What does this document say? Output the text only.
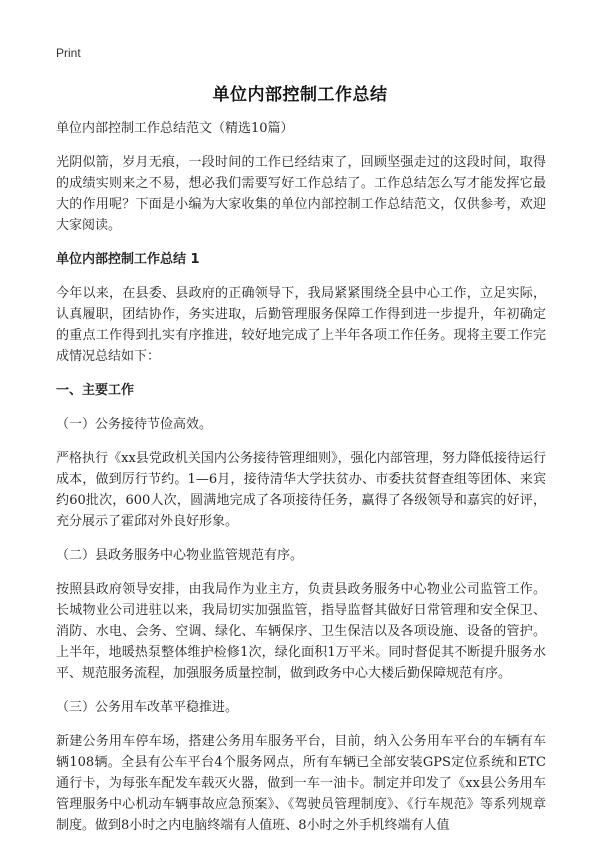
Print
单位内部控制工作总结

单位内部控制工作总结范文（精选10篇）

光阴似箭，岁月无痕，一段时间的工作已经结束了，回顾坚强走过的这段时间，取得的成绩实则来之不易，想必我们需要写好工作总结了。工作总结怎么写才能发挥它最大的作用呢？下面是小编为大家收集的单位内部控制工作总结范文，仅供参考，欢迎大家阅读。

单位内部控制工作总结 1

今年以来，在县委、县政府的正确领导下，我局紧紧围绕全县中心工作，立足实际，认真履职，团结协作，务实进取，后勤管理服务保障工作得到进一步提升，年初确定的重点工作得到扎实有序推进，较好地完成了上半年各项工作任务。现将主要工作完成情况总结如下：

一、主要工作

（一）公务接待节俭高效。

严格执行《xx县党政机关国内公务接待管理细则》，强化内部管理，努力降低接待运行成本，做到厉行节约。1—6月，接待清华大学扶贫办、市委扶贫督查组等团体、来宾约60批次，600人次，圆满地完成了各项接待任务，赢得了各级领导和嘉宾的好评，充分展示了霍邱对外良好形象。

（二）县政务服务中心物业监管规范有序。

按照县政府领导安排，由我局作为业主方，负责县政务服务中心物业公司监管工作。长城物业公司进驻以来，我局切实加强监管，指导监督其做好日常管理和安全保卫、消防、水电、会务、空调、绿化、车辆保序、卫生保洁以及各项设施、设备的管护。上半年，地暖热泵整体维护检修1次，绿化面积1万平米。同时督促其不断提升服务水平、规范服务流程，加强服务质量控制，做到政务中心大楼后勤保障规范有序。

（三）公务用车改革平稳推进。

新建公务用车停车场，搭建公务用车服务平台，目前，纳入公务用车平台的车辆有车辆108辆。全县有公车平台4个服务网点，所有车辆已全部安装GPS定位系统和ETC通行卡，为每张车配发车载灭火器，做到一车一油卡。制定并印发了《xx县公务用车管理服务中心机动车辆事故应急预案》、《驾驶员管理制度》、《行车规范》等系列规章制度。做到8小时之内电脑终端有人值班、8小时之外手机终端有人值
